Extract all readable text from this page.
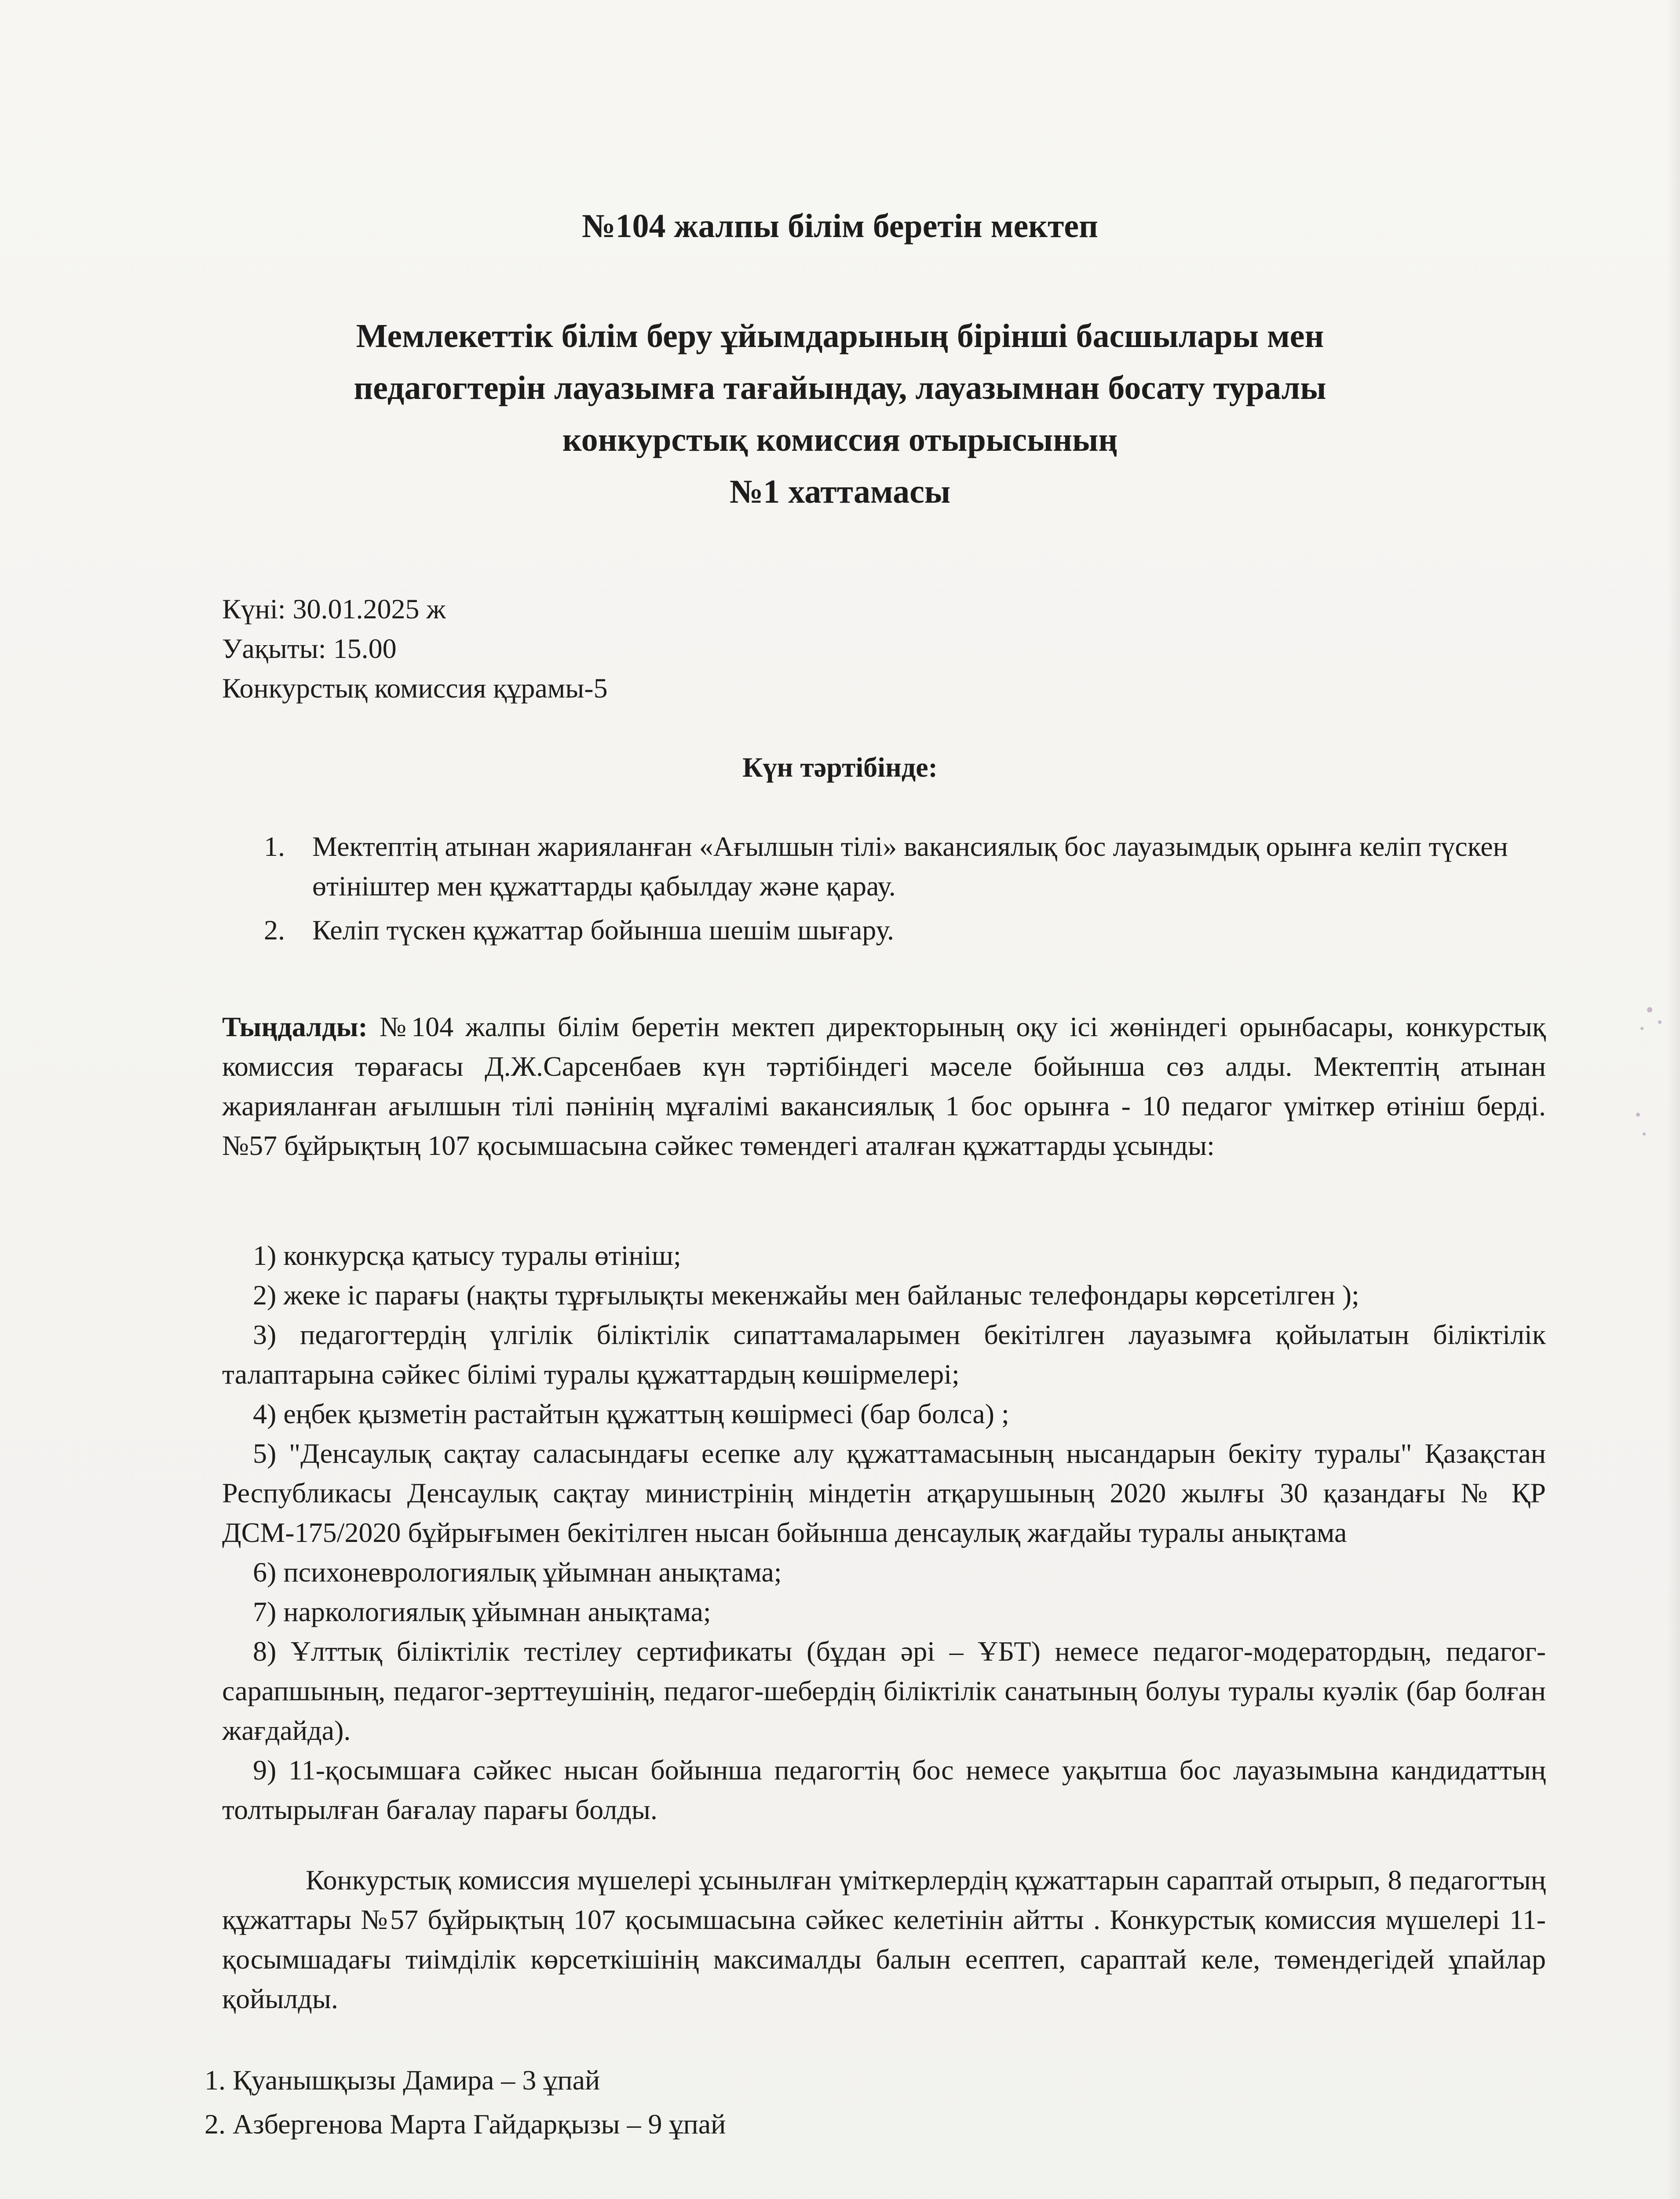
№104 жалпы білім беретін мектеп
Мемлекеттік білім беру ұйымдарының бірінші басшылары мен
педагогтерін лауазымға тағайындау, лауазымнан босату туралы
конкурстық комиссия отырысының
№1 хаттамасы
Күні: 30.01.2025 ж
Уақыты: 15.00
Конкурстық комиссия құрамы-5
Күн тәртібінде:
1. Мектептің атынан жарияланған «Ағылшын тілі» вакансиялық бос лауазымдық орынға келіп түскен өтініштер мен құжаттарды қабылдау және қарау.
2. Келіп түскен құжаттар бойынша шешім шығару.
Тыңдалды: №104 жалпы білім беретін мектеп директорының оқу ісі жөніндегі орынбасары, конкурстық комиссия төрағасы Д.Ж.Сарсенбаев күн тәртібіндегі мәселе бойынша сөз алды. Мектептің атынан жарияланған ағылшын тілі пәнінің мұғалімі вакансиялық 1 бос орынға - 10 педагог үміткер өтініш берді. №57 бұйрықтың 107 қосымшасына сәйкес төмендегі аталған құжаттарды ұсынды:
1) конкурсқа қатысу туралы өтініш;
2) жеке іс парағы (нақты тұрғылықты мекенжайы мен байланыс телефондары көрсетілген );
3) педагогтердің үлгілік біліктілік сипаттамаларымен бекітілген лауазымға қойылатын біліктілік талаптарына сәйкес білімі туралы құжаттардың көшірмелері;
4) еңбек қызметін растайтын құжаттың көшірмесі (бар болса) ;
5) "Денсаулық сақтау саласындағы есепке алу құжаттамасының нысандарын бекіту туралы" Қазақстан Республикасы Денсаулық сақтау министрінің міндетін атқарушының 2020 жылғы 30 қазандағы № ҚР ДСМ-175/2020 бұйрығымен бекітілген нысан бойынша денсаулық жағдайы туралы анықтама
6) психоневрологиялық ұйымнан анықтама;
7) наркологиялық ұйымнан анықтама;
8) Ұлттық біліктілік тестілеу сертификаты (бұдан әрі – ҰБТ) немесе педагог-модератордың, педагог-сарапшының, педагог-зерттеушінің, педагог-шебердің біліктілік санатының болуы туралы куәлік (бар болған жағдайда).
9) 11-қосымшаға сәйкес нысан бойынша педагогтің бос немесе уақытша бос лауазымына кандидаттың толтырылған бағалау парағы болды.
Конкурстық комиссия мүшелері ұсынылған үміткерлердің құжаттарын сараптай отырып, 8 педагогтың құжаттары №57 бұйрықтың 107 қосымшасына сәйкес келетінін айтты . Конкурстық комиссия мүшелері 11- қосымшадағы тиімділік көрсеткішінің максималды балын есептеп, сараптай келе, төмендегідей ұпайлар қойылды.
1. Қуанышқызы Дамира – 3 ұпай
2. Азбергенова Марта Гайдарқызы – 9 ұпай
